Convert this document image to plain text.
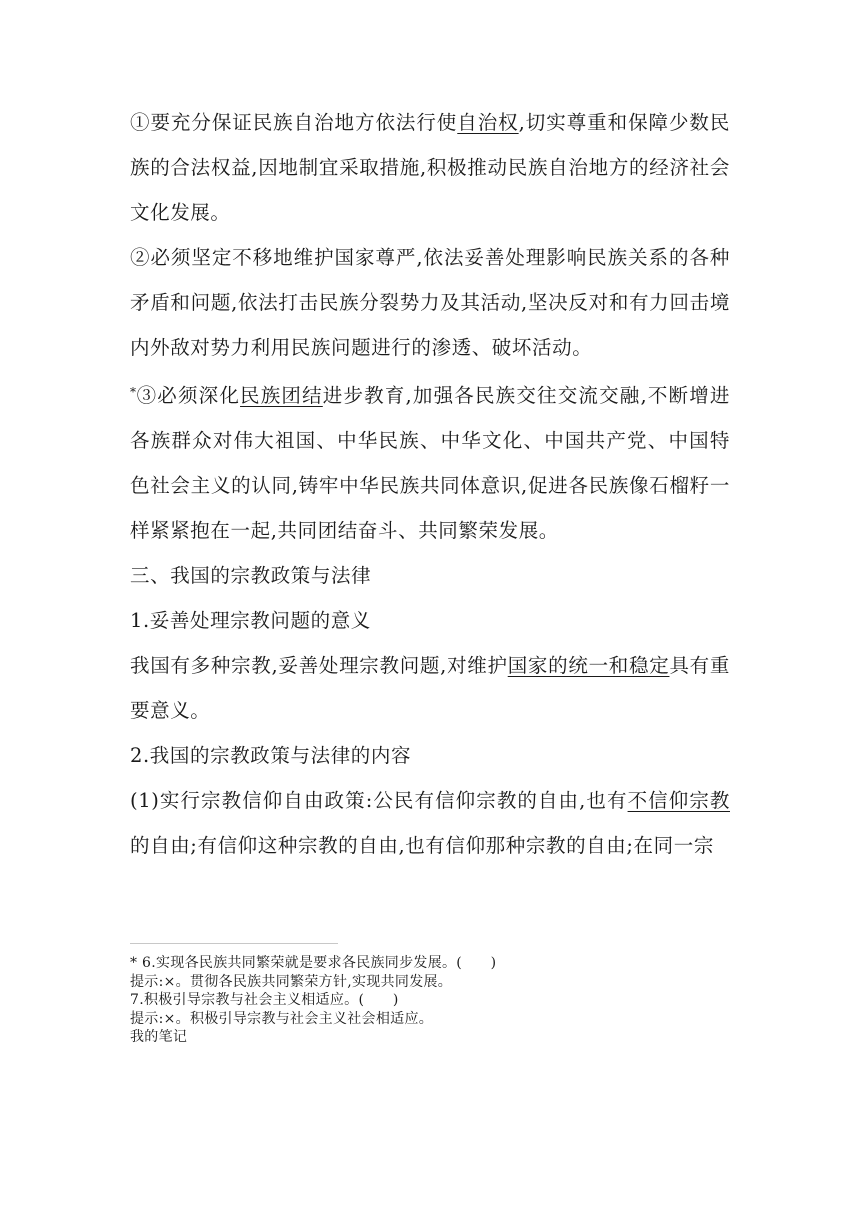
①要充分保证民族自治地方依法行使自治权,切实尊重和保障少数民族的合法权益,因地制宜采取措施,积极推动民族自治地方的经济社会文化发展。

②必须坚定不移地维护国家尊严,依法妥善处理影响民族关系的各种矛盾和问题,依法打击民族分裂势力及其活动,坚决反对和有力回击境内外敌对势力利用民族问题进行的渗透、破坏活动。

*③必须深化民族团结进步教育,加强各民族交往交流交融,不断增进各族群众对伟大祖国、中华民族、中华文化、中国共产党、中国特色社会主义的认同,铸牢中华民族共同体意识,促进各民族像石榴籽一样紧紧抱在一起,共同团结奋斗、共同繁荣发展。

三、我国的宗教政策与法律

1.妥善处理宗教问题的意义

我国有多种宗教,妥善处理宗教问题,对维护国家的统一和稳定具有重要意义。

2.我国的宗教政策与法律的内容

(1)实行宗教信仰自由政策:公民有信仰宗教的自由,也有不信仰宗教的自由;有信仰这种宗教的自由,也有信仰那种宗教的自由;在同一宗

* 6.实现各民族共同繁荣就是要求各民族同步发展。(　　)

提示:×。贯彻各民族共同繁荣方针,实现共同发展。

7.积极引导宗教与社会主义相适应。(　　)

提示:×。积极引导宗教与社会主义社会相适应。

我的笔记
